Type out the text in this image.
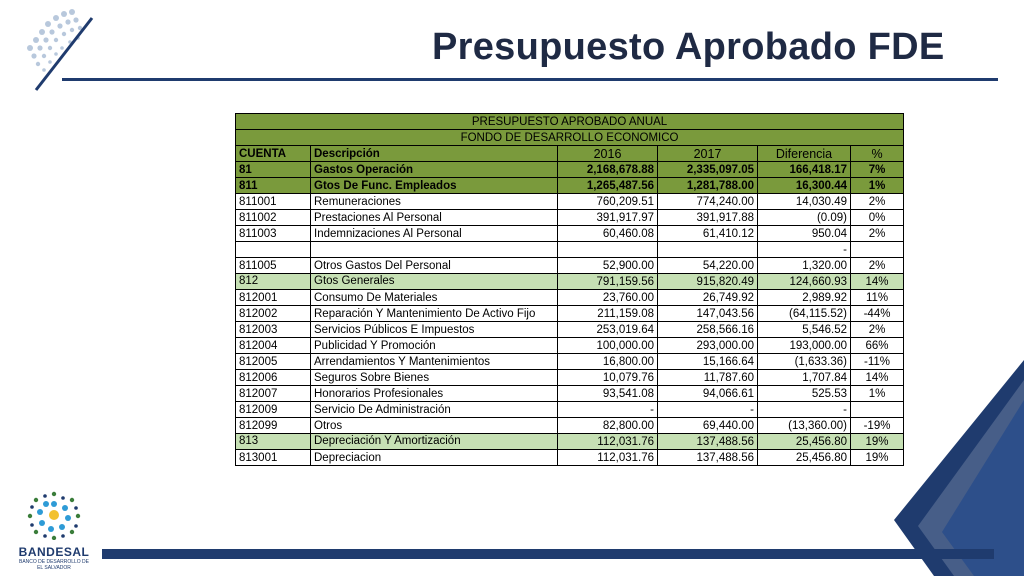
Presupuesto Aprobado FDE
PRESUPUESTO APROBADO ANUAL					
FONDO DE DESARROLLO ECONOMICO					
CUENTA	Descripción	2016	2017	Diferencia	%
81	Gastos Operación	2,168,678.88	2,335,097.05	166,418.17	7%
811	Gtos De Func. Empleados	1,265,487.56	1,281,788.00	16,300.44	1%
811001	Remuneraciones	760,209.51	774,240.00	14,030.49	2%
811002	Prestaciones Al Personal	391,917.97	391,917.88	(0.09)	0%
811003	Indemnizaciones Al Personal	60,460.08	61,410.12	950.04	2%
				-	
811005	Otros Gastos Del Personal	52,900.00	54,220.00	1,320.00	2%
812	Gtos Generales	791,159.56	915,820.49	124,660.93	14%
812001	Consumo De Materiales	23,760.00	26,749.92	2,989.92	11%
812002	Reparación Y Mantenimiento De Activo Fijo	211,159.08	147,043.56	(64,115.52)	-44%
812003	Servicios Públicos E Impuestos	253,019.64	258,566.16	5,546.52	2%
812004	Publicidad Y Promoción	100,000.00	293,000.00	193,000.00	66%
812005	Arrendamientos Y Mantenimientos	16,800.00	15,166.64	(1,633.36)	-11%
812006	Seguros Sobre Bienes	10,079.76	11,787.60	1,707.84	14%
812007	Honorarios Profesionales	93,541.08	94,066.61	525.53	1%
812009	Servicio De Administración	-	-	-	
812099	Otros	82,800.00	69,440.00	(13,360.00)	-19%
813	Depreciación Y Amortización	112,031.76	137,488.56	25,456.80	19%
813001	Depreciacion	112,031.76	137,488.56	25,456.80	19%
BANDESAL
BANCO DE DESARROLLO DE EL SALVADOR
